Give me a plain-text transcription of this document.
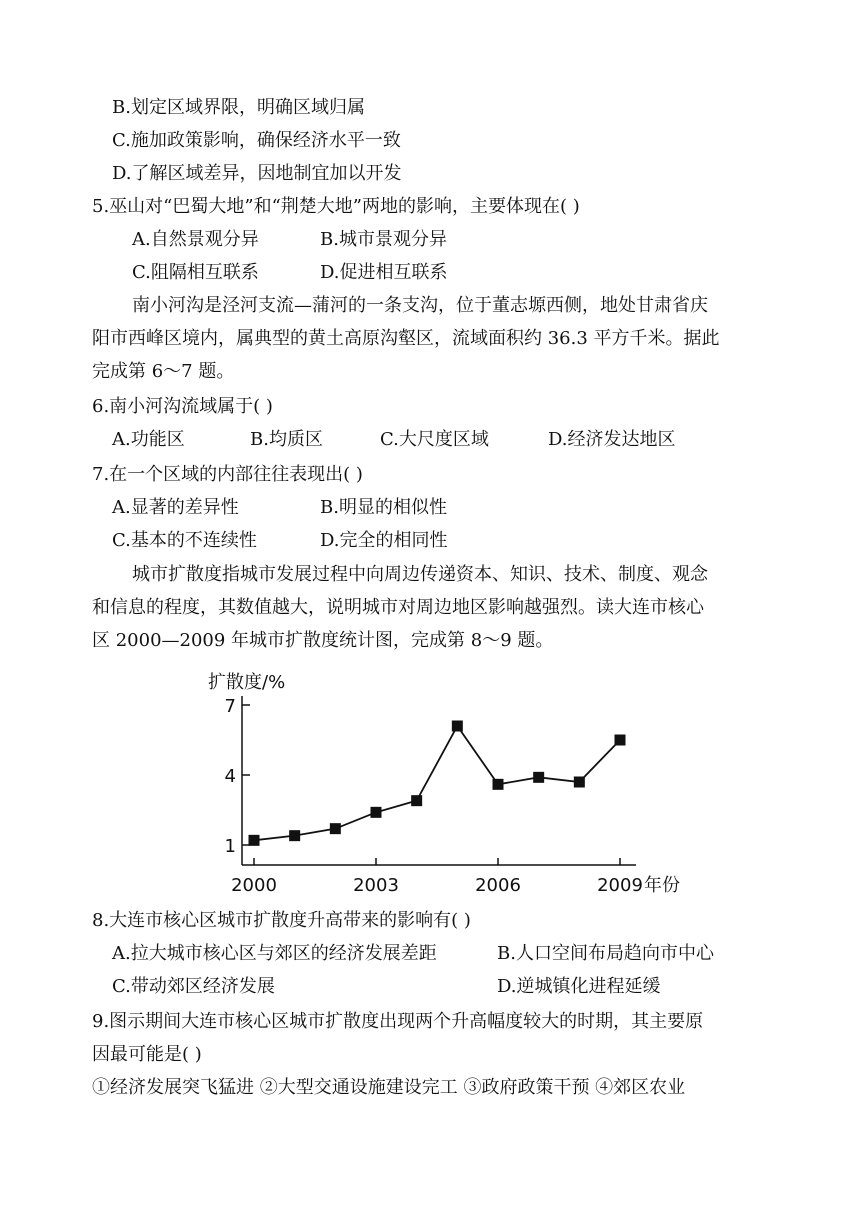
B.划定区域界限，明确区域归属
C.施加政策影响，确保经济水平一致
D.了解区域差异，因地制宜加以开发
5.巫山对“巴蜀大地”和“荆楚大地”两地的影响，主要体现在( )
A.自然景观分异	B.城市景观分异
C.阻隔相互联系	D.促进相互联系
南小河沟是泾河支流—蒲河的一条支沟，位于董志塬西侧，地处甘肃省庆
阳市西峰区境内，属典型的黄土高原沟壑区，流域面积约 36.3 平方千米。据此
完成第 6～7 题。
6.南小河沟流域属于( )
A.功能区	B.均质区	C.大尺度区域	D.经济发达地区
7.在一个区域的内部往往表现出( )
A.显著的差异性	B.明显的相似性
C.基本的不连续性	D.完全的相同性
城市扩散度指城市发展过程中向周边传递资本、知识、技术、制度、观念
和信息的程度，其数值越大，说明城市对周边地区影响越强烈。读大连市核心
区 2000—2009 年城市扩散度统计图，完成第 8～9 题。
扩散度/%
年份
7
4
1
2000	2003	2006	2009
8.大连市核心区城市扩散度升高带来的影响有( )
A.拉大城市核心区与郊区的经济发展差距	B.人口空间布局趋向市中心
C.带动郊区经济发展	D.逆城镇化进程延缓
9.图示期间大连市核心区城市扩散度出现两个升高幅度较大的时期，其主要原
因最可能是( )
①经济发展突飞猛进 ②大型交通设施建设完工 ③政府政策干预 ④郊区农业
